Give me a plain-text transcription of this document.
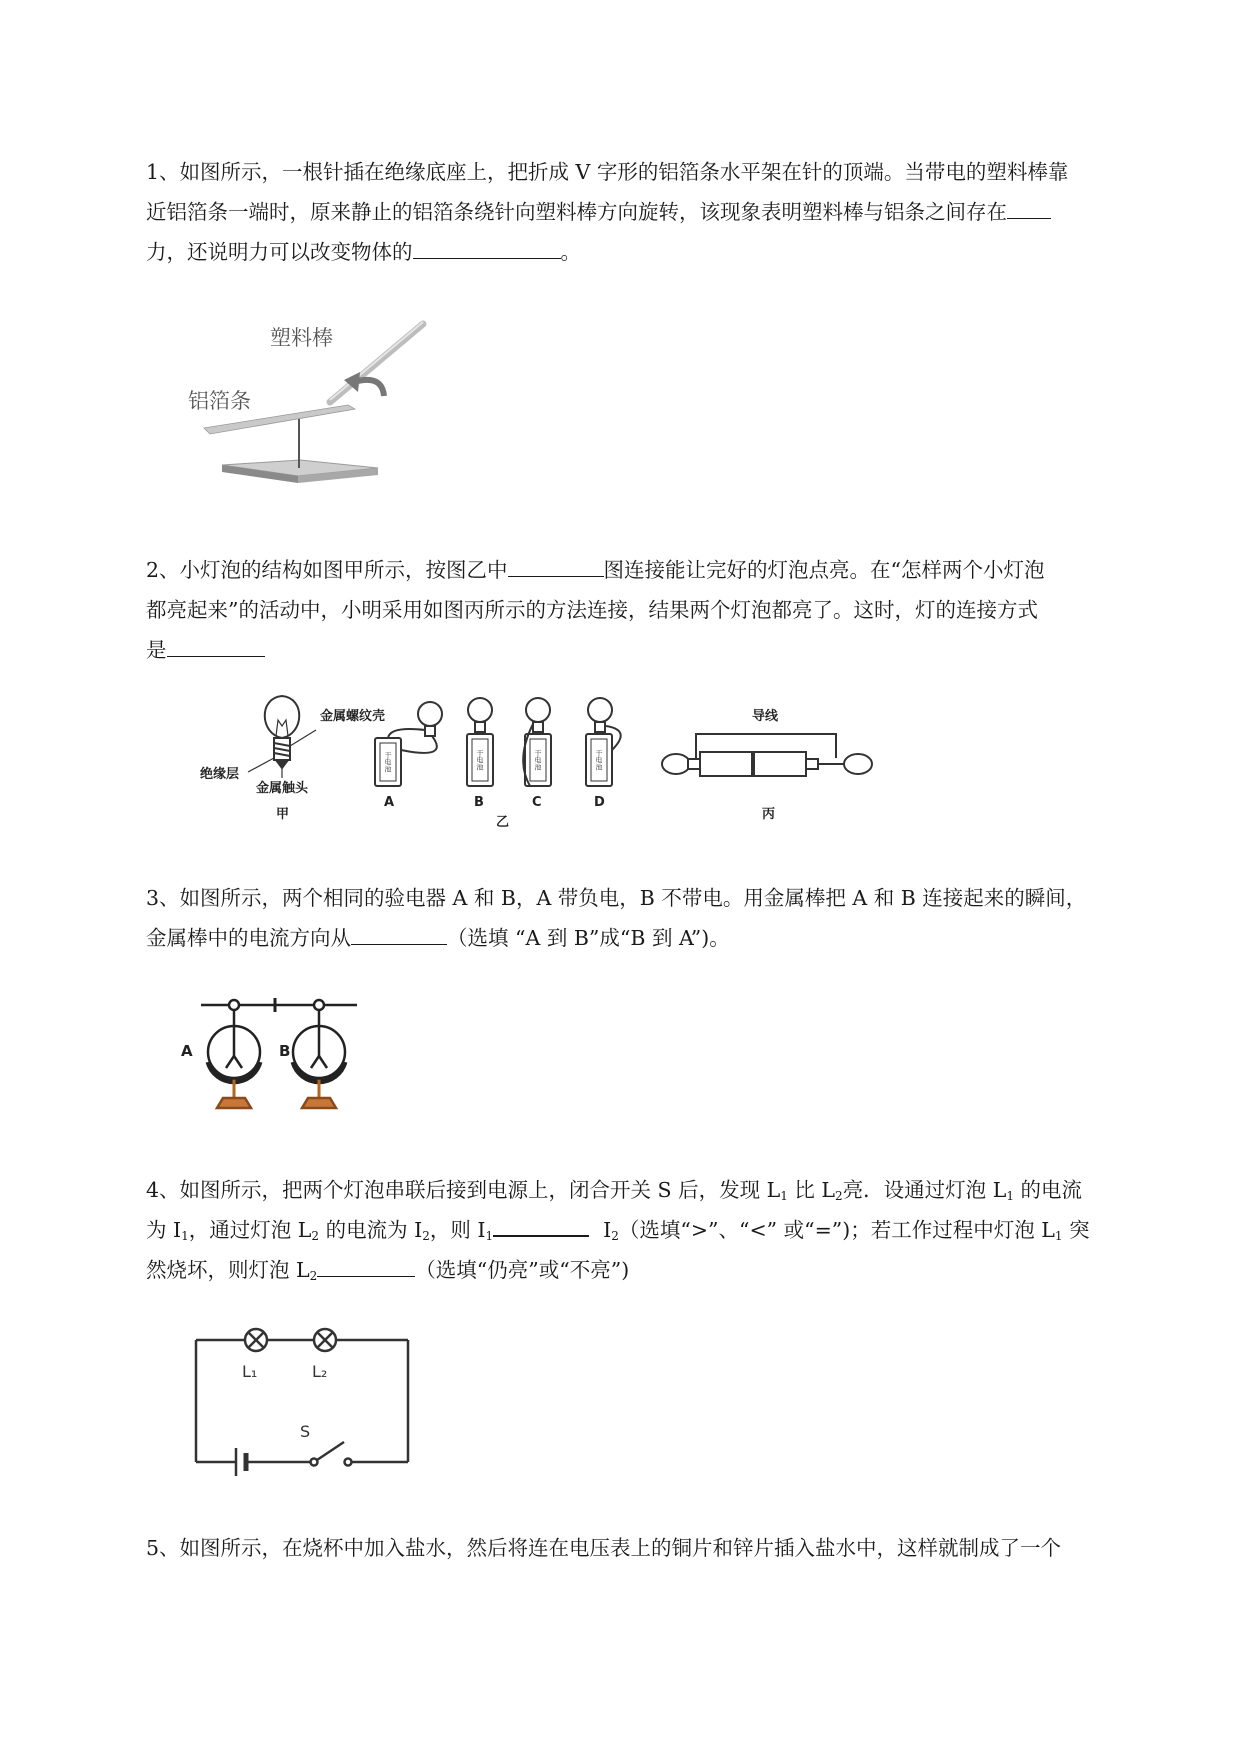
1、如图所示，一根针插在绝缘底座上，把折成 V 字形的铝箔条水平架在针的顶端。当带电的塑料棒靠
近铝箔条一端时，原来静止的铝箔条绕针向塑料棒方向旋转，该现象表明塑料棒与铝条之间存在
力，还说明力可以改变物体的	。
塑料棒
铝箔条
2、小灯泡的结构如图甲所示，按图乙中	图连接能让完好的灯泡点亮。在“怎样两个小灯泡
都亮起来”的活动中，小明采用如图丙所示的方法连接，结果两个灯泡都亮了。这时，灯的连接方式
是
金属螺纹壳
绝缘层
金属触头
甲
A	B	C	D
乙
导线
丙
干电池	干电池	干电池	干电池
3、如图所示，两个相同的验电器 A 和 B，A 带负电，B 不带电。用金属棒把 A 和 B 连接起来的瞬间，
金属棒中的电流方向从	（选填 “A 到 B”成“B 到 A”)。
A	B
4、如图所示，把两个灯泡串联后接到电源上，闭合开关 S 后，发现 $L_1$ 比 $L_2$亮．设通过灯泡 $L_1$ 的电流
为 $I_1$，通过灯泡 $L_2$ 的电流为 $I_2$，则 $I_1$	$I_2$（选填“>”、“<” 或“=”)；若工作过程中灯泡 $L_1$ 突
然烧坏，则灯泡 $L_2$	（选填“仍亮”或“不亮”)
L₁	L₂
S
5、如图所示，在烧杯中加入盐水，然后将连在电压表上的铜片和锌片插入盐水中，这样就制成了一个
